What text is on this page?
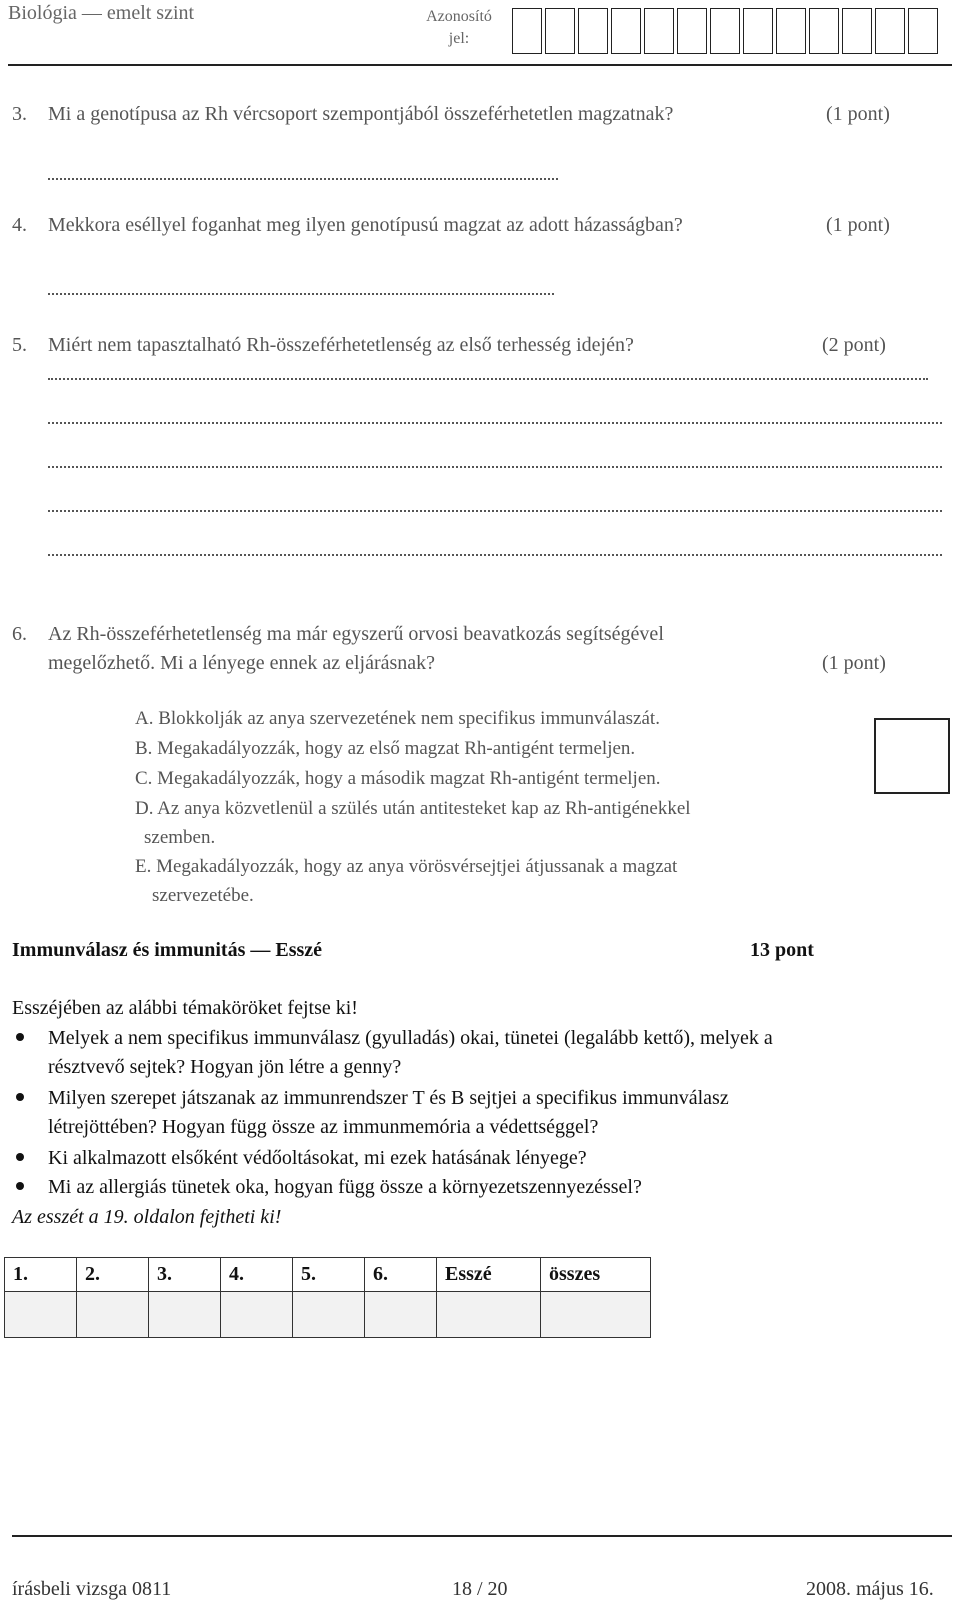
Biológia — emelt szint	Azonosító jel:
3. Mi a genotípusa az Rh vércsoport szempontjából összeférhetetlen magzatnak?	(1 pont)
4. Mekkora eséllyel foganhat meg ilyen genotípusú magzat az adott házasságban?	(1 pont)
5. Miért nem tapasztalható Rh-összeférhetetlenség az első terhesség idején?	(2 pont)
6. Az Rh-összeférhetetlenség ma már egyszerű orvosi beavatkozás segítségével
megelőzhető. Mi a lényege ennek az eljárásnak?	(1 pont)
A. Blokkolják az anya szervezetének nem specifikus immunválaszát.
B. Megakadályozzák, hogy az első magzat Rh-antigént termeljen.
C. Megakadályozzák, hogy a második magzat Rh-antigént termeljen.
D. Az anya közvetlenül a szülés után antitesteket kap az Rh-antigénekkel
szemben.
E. Megakadályozzák, hogy az anya vörösvérsejtjei átjussanak a magzat
szervezetébe.
Immunválasz és immunitás — Esszé	13 pont
Esszéjében az alábbi témaköröket fejtse ki!
Melyek a nem specifikus immunválasz (gyulladás) okai, tünetei (legalább kettő), melyek a
résztvevő sejtek? Hogyan jön létre a genny?
Milyen szerepet játszanak az immunrendszer T és B sejtjei a specifikus immunválasz
létrejöttében? Hogyan függ össze az immunmemória a védettséggel?
Ki alkalmazott elsőként védőoltásokat, mi ezek hatásának lényege?
Mi az allergiás tünetek oka, hogyan függ össze a környezetszennyezéssel?
Az esszét a 19. oldalon fejtheti ki!
1.	2.	3.	4.	5.	6.	Esszé	összes

írásbeli vizsga 0811	18 / 20	2008. május 16.
